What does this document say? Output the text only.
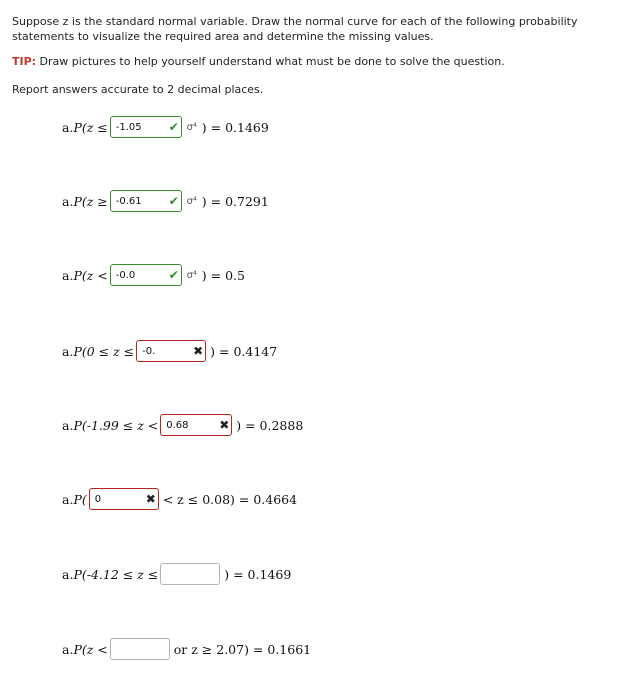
Suppose z is the standard normal variable. Draw the normal curve for each of the following probability
statements to visualize the required area and determine the missing values.
TIP: Draw pictures to help yourself understand what must be done to solve the question.
Report answers accurate to 2 decimal places.
a. P(z ≤ -1.05	✔ σ⁴ ) = 0.1469
a. P(z ≥ -0.61	✔ σ⁴ ) = 0.7291
a. P(z < -0.0	✔ σ⁴ ) = 0.5
a. P(0 ≤ z ≤ -0.	✖ ) = 0.4147
a. P(-1.99 ≤ z < 0.68	✖ ) = 0.2888
a. P( 0	✖ < z ≤ 0.08) = 0.4664
a. P(-4.12 ≤ z ≤	) = 0.1469
a. P(z <	or z ≥ 2.07) = 0.1661
